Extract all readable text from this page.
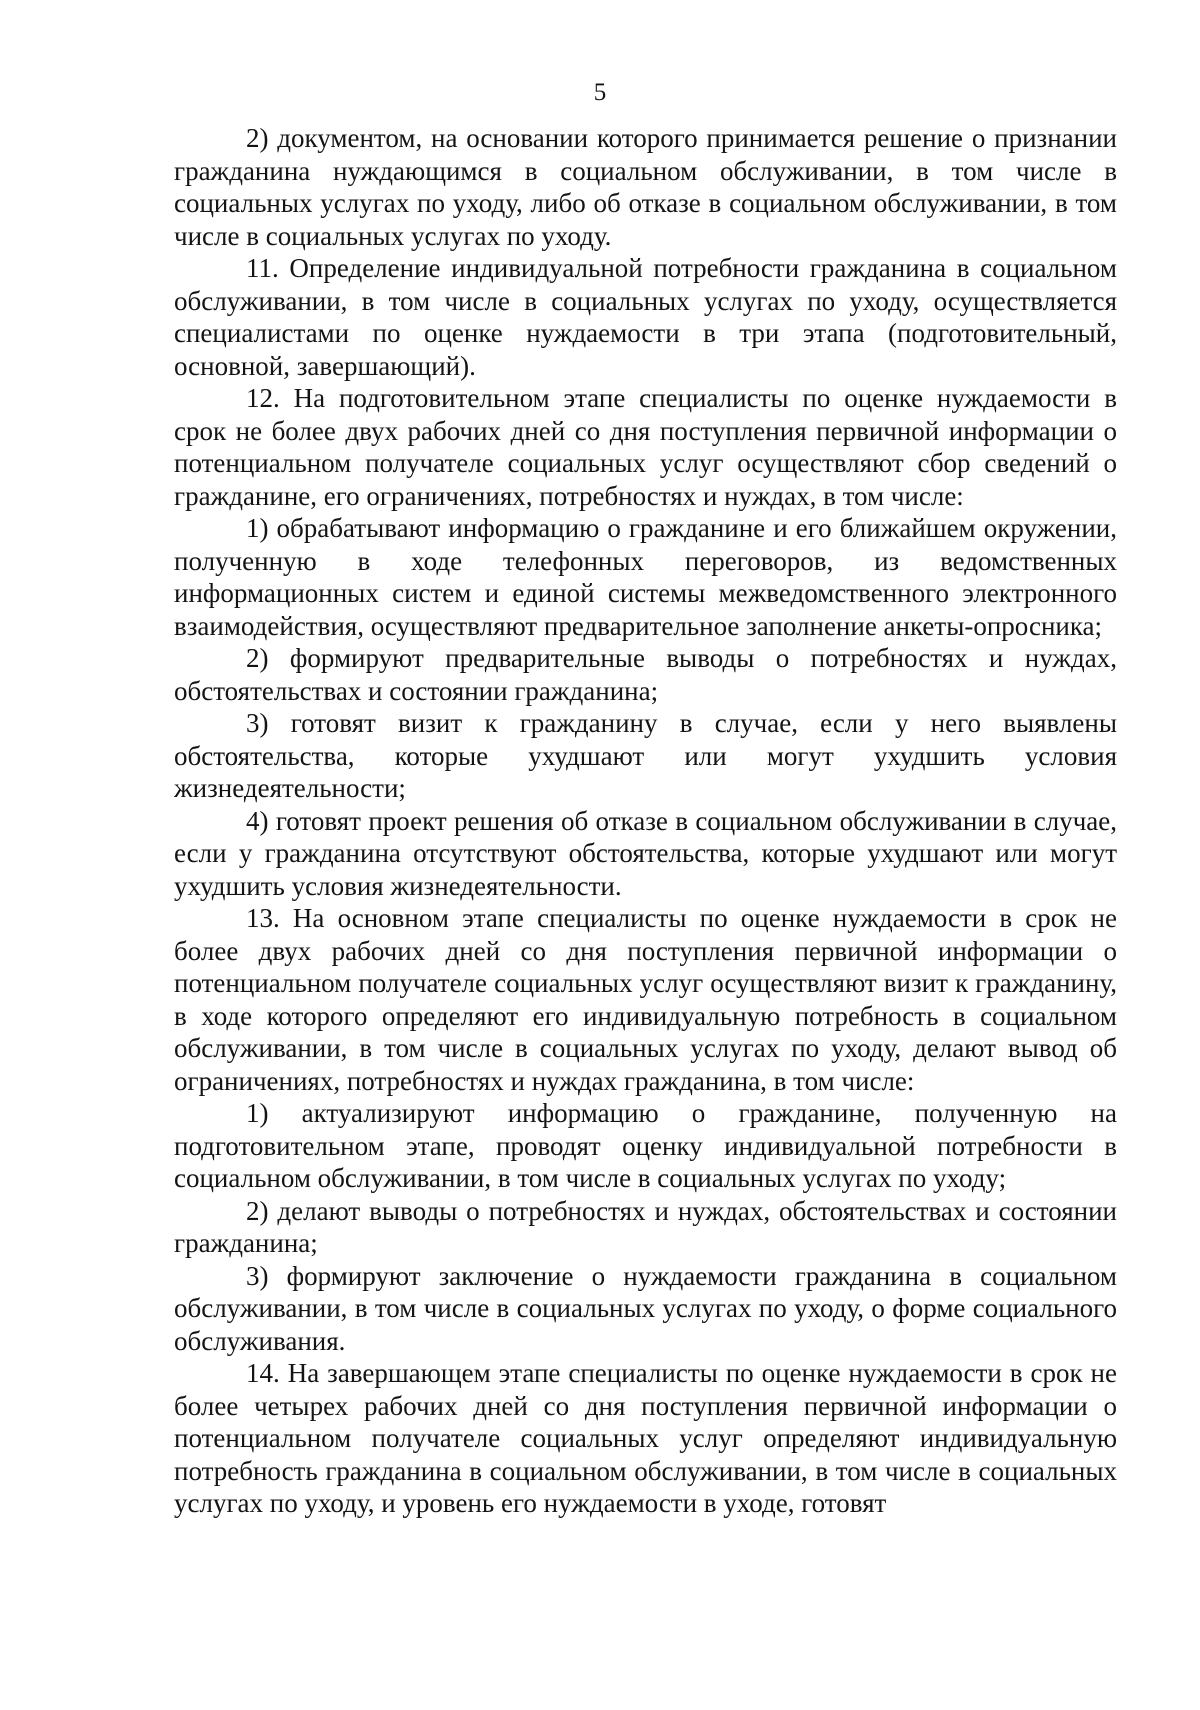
5

2) документом, на основании которого принимается решение о признании гражданина нуждающимся в социальном обслуживании, в том числе в социальных услугах по уходу, либо об отказе в социальном обслуживании, в том числе в социальных услугах по уходу.

11. Определение индивидуальной потребности гражданина в социальном обслуживании, в том числе в социальных услугах по уходу, осуществляется специалистами по оценке нуждаемости в три этапа (подготовительный, основной, завершающий).

12. На подготовительном этапе специалисты по оценке нуждаемости в срок не более двух рабочих дней со дня поступления первичной информации о потенциальном получателе социальных услуг осуществляют сбор сведений о гражданине, его ограничениях, потребностях и нуждах, в том числе:

1) обрабатывают информацию о гражданине и его ближайшем окружении, полученную в ходе телефонных переговоров, из ведомственных информационных систем и единой системы межведомственного электронного взаимодействия, осуществляют предварительное заполнение анкеты-опросника;

2) формируют предварительные выводы о потребностях и нуждах, обстоятельствах и состоянии гражданина;

3) готовят визит к гражданину в случае, если у него выявлены обстоятельства, которые ухудшают или могут ухудшить условия жизнедеятельности;

4) готовят проект решения об отказе в социальном обслуживании в случае, если у гражданина отсутствуют обстоятельства, которые ухудшают или могут ухудшить условия жизнедеятельности.

13. На основном этапе специалисты по оценке нуждаемости в срок не более двух рабочих дней со дня поступления первичной информации о потенциальном получателе социальных услуг осуществляют визит к гражданину, в ходе которого определяют его индивидуальную потребность в социальном обслуживании, в том числе в социальных услугах по уходу, делают вывод об ограничениях, потребностях и нуждах гражданина, в том числе:

1) актуализируют информацию о гражданине, полученную на подготовительном этапе, проводят оценку индивидуальной потребности в социальном обслуживании, в том числе в социальных услугах по уходу;

2) делают выводы о потребностях и нуждах, обстоятельствах и состоянии гражданина;

3) формируют заключение о нуждаемости гражданина в социальном обслуживании, в том числе в социальных услугах по уходу, о форме социального обслуживания.

14. На завершающем этапе специалисты по оценке нуждаемости в срок не более четырех рабочих дней со дня поступления первичной информации о потенциальном получателе социальных услуг определяют индивидуальную потребность гражданина в социальном обслуживании, в том числе в социальных услугах по уходу, и уровень его нуждаемости в уходе, готовят
